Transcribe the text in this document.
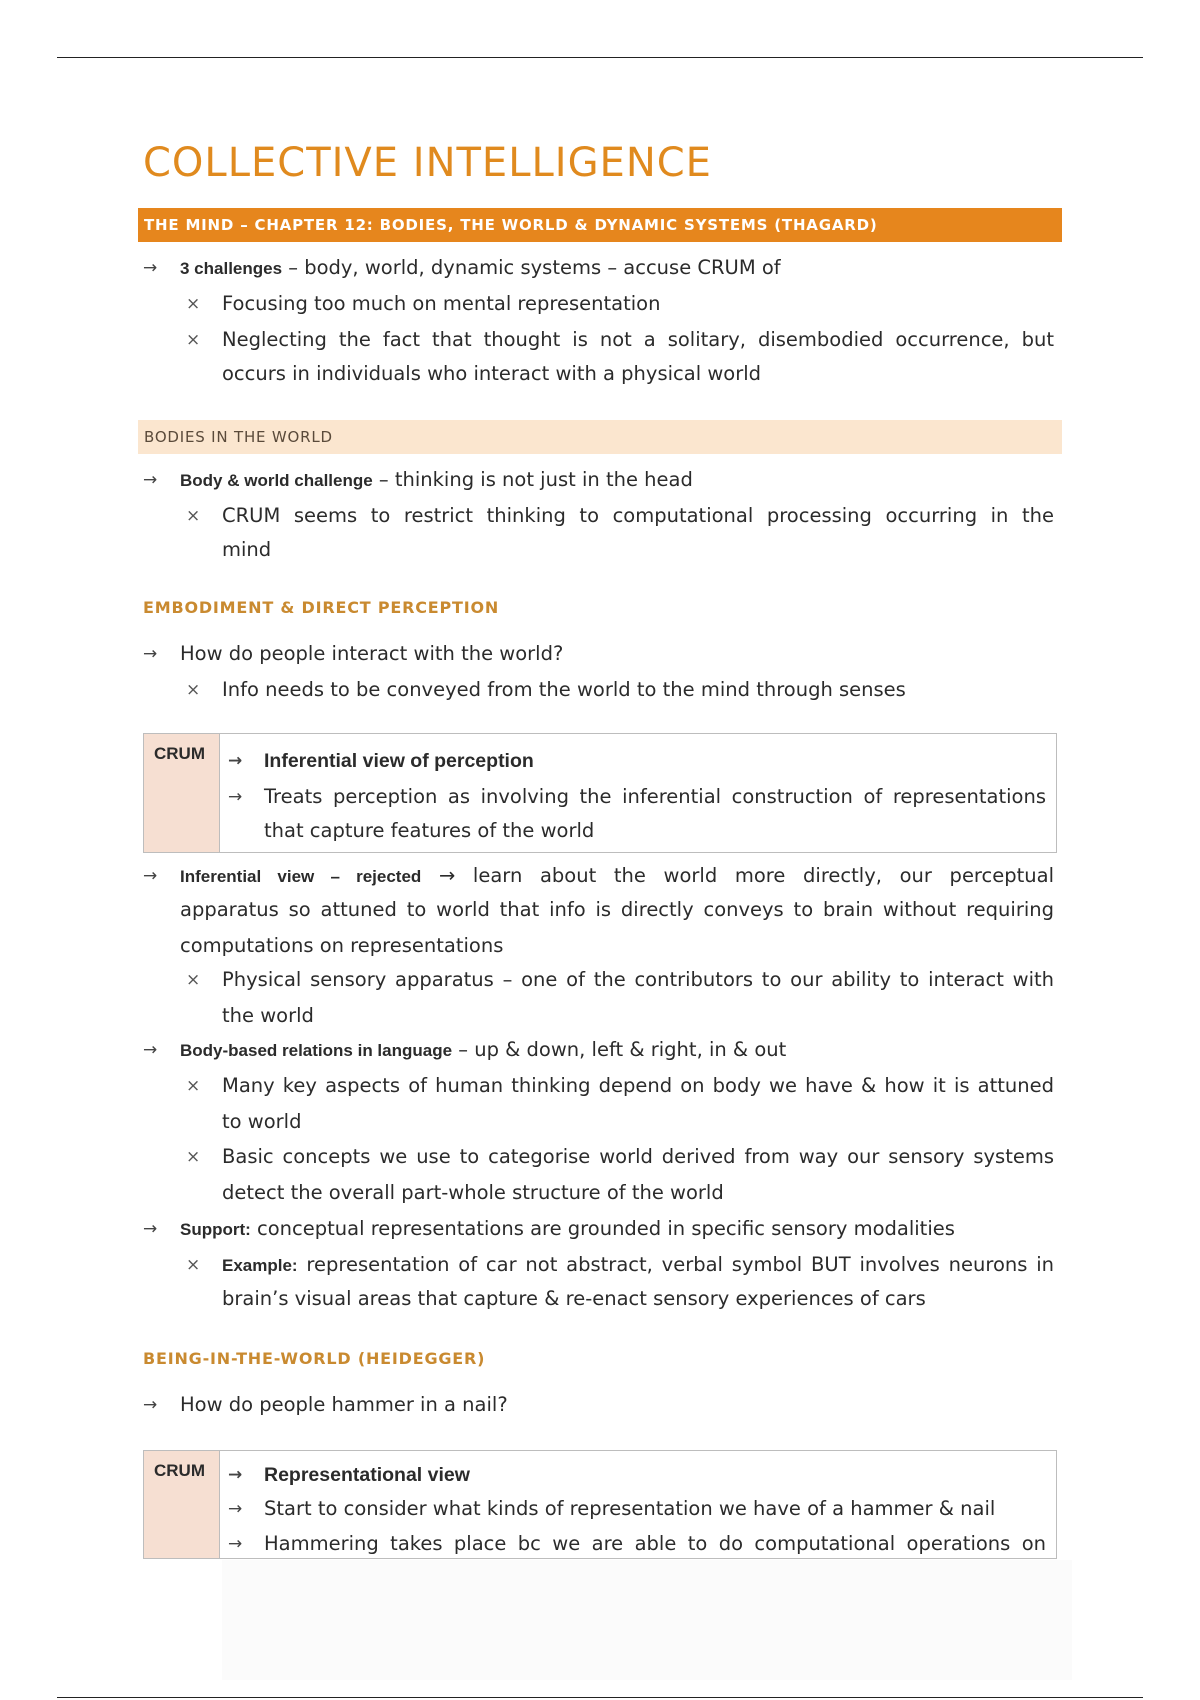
COLLECTIVE INTELLIGENCE
THE MIND – CHAPTER 12: BODIES, THE WORLD & DYNAMIC SYSTEMS (THAGARD)
→ 3 challenges – body, world, dynamic systems – accuse CRUM of
× Focusing too much on mental representation
× Neglecting the fact that thought is not a solitary, disembodied occurrence, but
occurs in individuals who interact with a physical world
BODIES IN THE WORLD
→ Body & world challenge – thinking is not just in the head
× CRUM seems to restrict thinking to computational processing occurring in the
mind
EMBODIMENT & DIRECT PERCEPTION
→ How do people interact with the world?
× Info needs to be conveyed from the world to the mind through senses
CRUM	→ Inferential view of perception
→ Treats perception as involving the inferential construction of representations
that capture features of the world
→ Inferential view – rejected → learn about the world more directly, our perceptual
apparatus so attuned to world that info is directly conveys to brain without requiring
computations on representations
× Physical sensory apparatus – one of the contributors to our ability to interact with
the world
→ Body-based relations in language – up & down, left & right, in & out
× Many key aspects of human thinking depend on body we have & how it is attuned
to world
× Basic concepts we use to categorise world derived from way our sensory systems
detect the overall part-whole structure of the world
→ Support: conceptual representations are grounded in specific sensory modalities
× Example: representation of car not abstract, verbal symbol BUT involves neurons in
brain’s visual areas that capture & re-enact sensory experiences of cars
BEING-IN-THE-WORLD (HEIDEGGER)
→ How do people hammer in a nail?
CRUM	→ Representational view
→ Start to consider what kinds of representation we have of a hammer & nail
→ Hammering takes place bc we are able to do computational operations on
